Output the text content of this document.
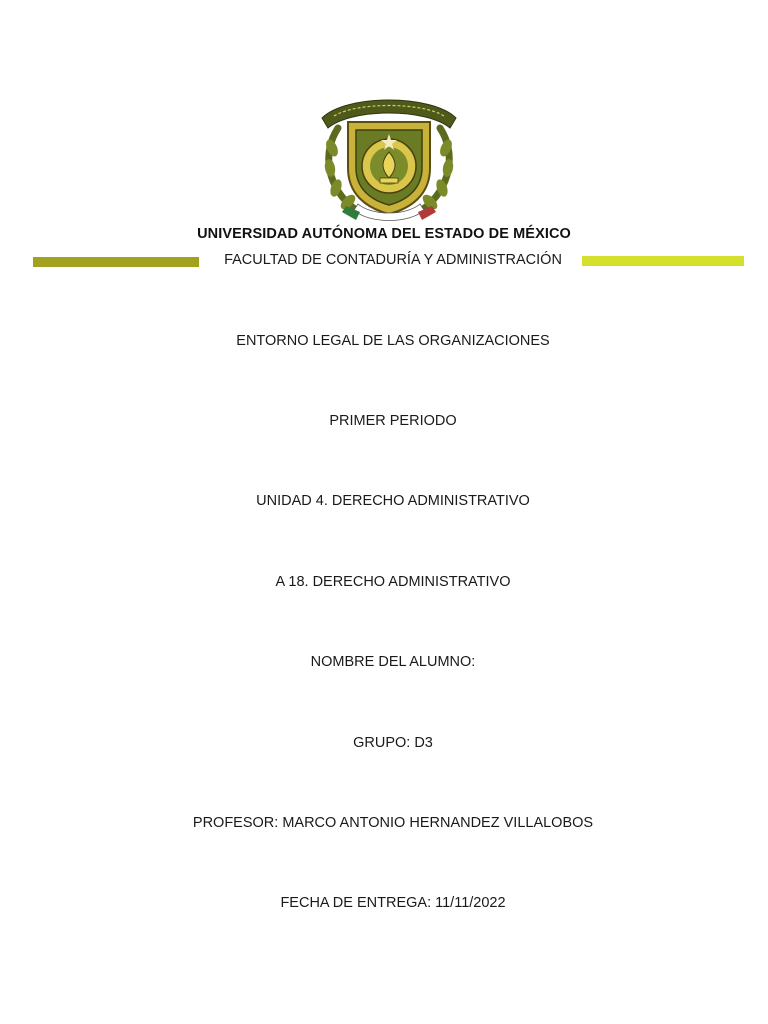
UNIVERSIDAD AUTÓNOMA DEL ESTADO DE MÉXICO
FACULTAD DE CONTADURÍA Y ADMINISTRACIÓN
ENTORNO LEGAL DE LAS ORGANIZACIONES
PRIMER PERIODO
UNIDAD 4. DERECHO ADMINISTRATIVO
A 18. DERECHO ADMINISTRATIVO
NOMBRE DEL ALUMNO:
GRUPO: D3
PROFESOR: MARCO ANTONIO HERNANDEZ VILLALOBOS
FECHA DE ENTREGA: 11/11/2022
